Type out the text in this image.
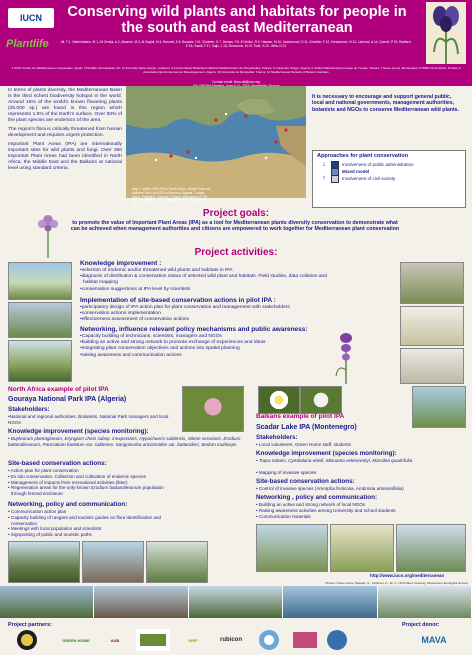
IUCN
Plantlife
Conserving wild plants and habitats for people in the south and east Mediterranean
Ali, T.1, Valderrábano, M.1, Ali Zeraïa, A.2, Alsanne, M.3, Al-Saghir, M.4, Baumel, A.5, Bouaziz, H.6, Chabrier, O.7, Demas, F.8, El Mokni, R.9, Hassan, M.10, Jeanmonod, D.11, Khedher, F.12, Krestanovic, N.13, Lamrani, A.14, Quezel, P.15, Radford, E.16, Saadi, F.17, Sajic, J.18, Simonovic, M.19, Tosti, G.20, Vella, N.21
1 IUCN Centre for Mediterranean Cooperation, Spain; 2 Plantlife International, UK; 3 Université Saint-Joseph, Lebanon; 4 Conservatoire Botanique National Méditerranéen de Porquerolles, France; 5 Université d'Alger, Algeria; 6 Institut National Agronomique de Tunisie, Tunisia; 7 Green Home, Montenegro; 8 WWF North Africa, Tunisia; 9 Association Environnement et Développement, Algeria; 10 Université de Montpellier, France; 11 Mediterranean Network of Botanic Gardens
Contact email: tiriza.ali@iucn.org

In terms of plants diversity, the Mediterranean Basin is the third richest biodiversity hotspot in the world. Around 15% of the world's known flowering plants (25.000 sp.) are found in this region which represents 1.6% of the Earth's surface. Over 50% of the plant species are endemics of the area.

The region's flora is critically threatened from human development and requires urgent protection.

Important Plant Areas (IPA) are internationally important sites for wild plants and fungi. Over 360 Important Plant Areas had been identified in North Africa, the Middle East and the Balkans at national level using standard criteria.

Map 1: White: Wild IPA in South Africa, Middle East and Balkans. Red: pilot IPA in Morocco, Algeria, Tunisia, Egypt, Palestine, Lebanon, Turkey, Macedonia (FYR) and Montenegro. Blue: Original IPA and Scadar lake IPA.
It is necessary to encourage and support general public, local and national governments, management authorities, botanists and NGOs to conserve Mediterranean wild plants.
Approaches for plant conservation
↓	Involvement of public administration
Mixed model
↑	Involvement of civil society
Project goals:
to promote the value of Important Plant Areas (IPA) as a tool for Mediterranean plants diversity conservation to demonstrate what can be achieved when management authorities and citizens are empowered to work together for Mediterranean plant conservation
Project activities:
Knowledge improvement :
•selection of endemic and/or threatened wild plants and habitats in IPA
•diagnosis of distribution & conservation status of selected wild plant and habitats. Field studies, data collation and
habitat mapping
•conservation suggestions at IPA level by scientists
Implementation of site-based conservation actions in pilot IPA :
•participatory design of IPA action plan for plant conservation and management with stakeholders
•conservation actions implementation
•effectiveness assessment of conservation actions
Networking, influence relevant policy mechanisms and public awareness:
•Capacity building of technicians, scientists, managers and NGOs
•building an active and strong network to promote exchange of experiences and ideas
•integrating plant conservation objectives and actions into spatial planning
•raising awareness and communication actions
North Africa example of pilot IPA
Gouraya National Park IPA (Algeria)
Stakeholders:
•National and regional authorities, Botanists, National Park managers and local NGOs
Knowledge improvement (species monitoring):
• Bupleurum plantagineum, Eryngium chein subsp. inexpectans, Hypochaeris saldensis, Silene sessionis, Erodium battandieranum, Pancratium foetidum var. saldense, Sanguisorba ancistroides var. battandieri, Sedum multiceps
Site-based conservation actions:
• Action plan for plant conservation
• Ex situ conservation. Collection and cultivation of endemic species
• Management of impacts from recreational activities (litter)
• Regeneration areas for the only known Erodium battandieranum population
through fenced enclosure
Networking, policy and communication:
• Communication action plan
• Capacity building of rangers and touristic guides on flora identification and
conservation
• Meetings with local population and scientists
• Signposting of public and touristic paths
Balkans example of pilot IPA
Scadar Lake IPA (Montenegro)
Stakeholders:
• Local volunteers, Green Home staff, students
Knowledge improvement (species monitoring):
• Trapa natans, Cymbalaria ebelii, Minuartia velenovskyi, Marsilea quadrifolia
• Mapping of invasive species
Site-based conservation actions:
• Control of invasive species (Amorpha fruticosa, Ambrosia artemisiifolia)
Networking , policy and communication:
• Building an active and strong network of local NGOs
• Raising awareness activities among University and school students
• Communication materials
http://www.iucn.org/mediterranean
Photos: Green Home; Bassah, G.; Feldman, K.; Ali, T.; UICN-Med. Drawing: Mousetroup Ecological Society
Project partners:	Project donor:
GREEN HOME	AUB	INRF	rubicon	MAVA
